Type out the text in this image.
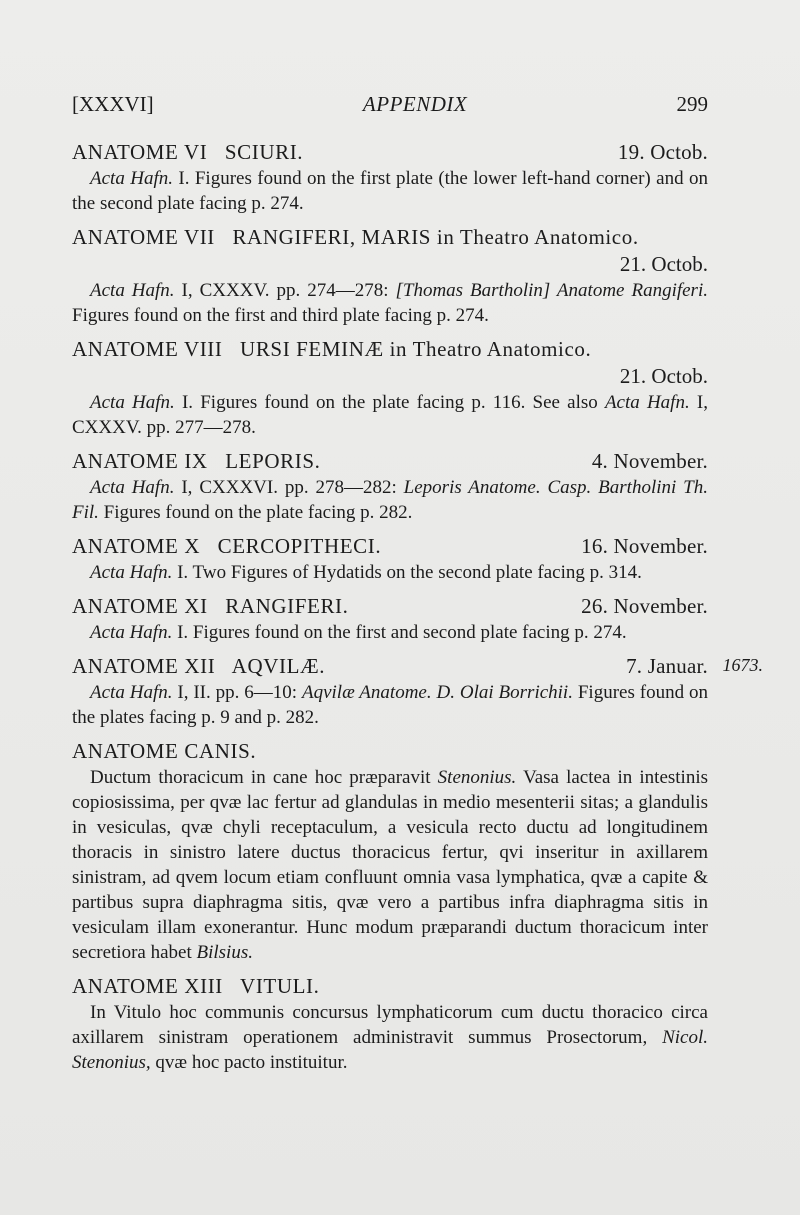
[XXXVI]	APPENDIX	299
ANATOME VI   SCIURI.	19. Octob.
Acta Hafn. I. Figures found on the first plate (the lower left-hand corner) and on the second plate facing p. 274.
ANATOME VII   RANGIFERI, MARIS in Theatro Anatomico.
21. Octob.
Acta Hafn. I, CXXXV. pp. 274—278: [Thomas Bartholin] Anatome Rangiferi. Figures found on the first and third plate facing p. 274.
ANATOME VIII   URSI FEMINÆ in Theatro Anatomico.
21. Octob.
Acta Hafn. I. Figures found on the plate facing p. 116. See also Acta Hafn. I, CXXXV. pp. 277—278.
ANATOME IX   LEPORIS.	4. November.
Acta Hafn. I, CXXXVI. pp. 278—282: Leporis Anatome. Casp. Bartholini Th. Fil. Figures found on the plate facing p. 282.
ANATOME X   CERCOPITHECI.	16. November.
Acta Hafn. I. Two Figures of Hydatids on the second plate facing p. 314.
ANATOME XI   RANGIFERI.	26. November.
Acta Hafn. I. Figures found on the first and second plate facing p. 274.
ANATOME XII   AQVILÆ.	7. Januar. 1673.
Acta Hafn. I, II. pp. 6—10: Aqvilæ Anatome. D. Olai Borrichii. Figures found on the plates facing p. 9 and p. 282.
ANATOME CANIS.
Ductum thoracicum in cane hoc præparavit Stenonius. Vasa lactea in intestinis copiosissima, per qvæ lac fertur ad glandulas in medio mesenterii sitas; a glandulis in vesiculas, qvæ chyli receptaculum, a vesicula recto ductu ad longitudinem thoracis in sinistro latere ductus thoracicus fertur, qvi inseritur in axillarem sinistram, ad qvem locum etiam confluunt omnia vasa lymphatica, qvæ a capite & partibus supra diaphragma sitis, qvæ vero a partibus infra diaphragma sitis in vesiculam illam exonerantur. Hunc modum præparandi ductum thoracicum inter secretiora habet Bilsius.
ANATOME XIII   VITULI.
In Vitulo hoc communis concursus lymphaticorum cum ductu thoracico circa axillarem sinistram operationem administravit summus Prosectorum, Nicol. Stenonius, qvæ hoc pacto instituitur.
